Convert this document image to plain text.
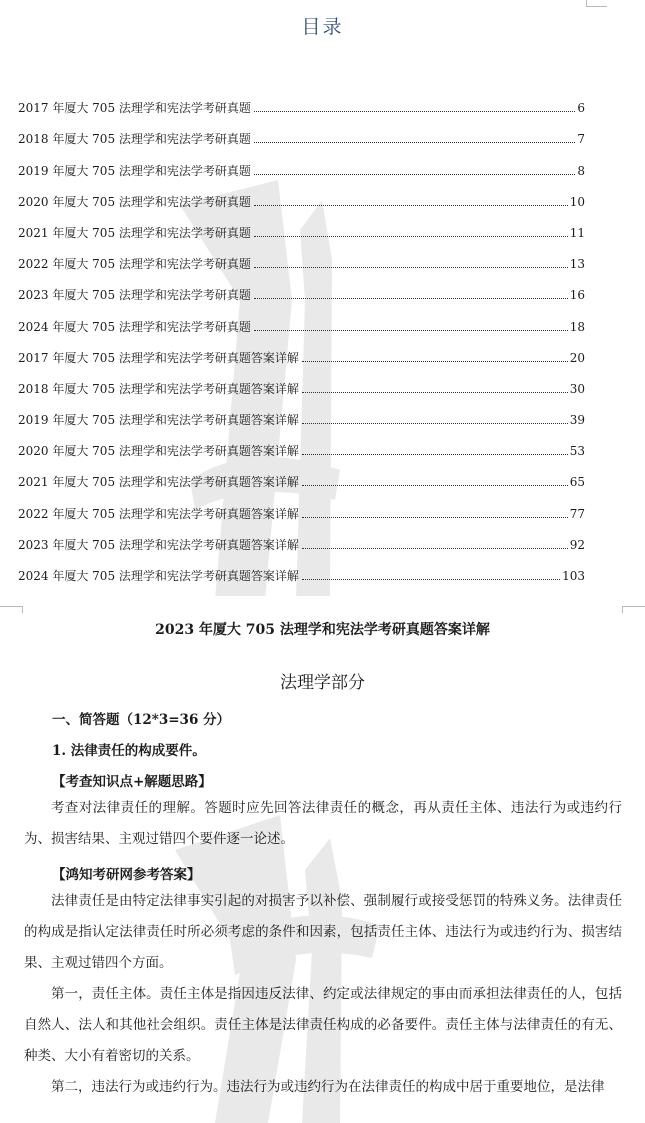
目录
2017 年厦大 705 法理学和宪法学考研真题	6
2018 年厦大 705 法理学和宪法学考研真题	7
2019 年厦大 705 法理学和宪法学考研真题	8
2020 年厦大 705 法理学和宪法学考研真题	10
2021 年厦大 705 法理学和宪法学考研真题	11
2022 年厦大 705 法理学和宪法学考研真题	13
2023 年厦大 705 法理学和宪法学考研真题	16
2024 年厦大 705 法理学和宪法学考研真题	18
2017 年厦大 705 法理学和宪法学考研真题答案详解	20
2018 年厦大 705 法理学和宪法学考研真题答案详解	30
2019 年厦大 705 法理学和宪法学考研真题答案详解	39
2020 年厦大 705 法理学和宪法学考研真题答案详解	53
2021 年厦大 705 法理学和宪法学考研真题答案详解	65
2022 年厦大 705 法理学和宪法学考研真题答案详解	77
2023 年厦大 705 法理学和宪法学考研真题答案详解	92
2024 年厦大 705 法理学和宪法学考研真题答案详解	103
2023 年厦大 705 法理学和宪法学考研真题答案详解
法理学部分
一、简答题（12*3=36 分）
1. 法律责任的构成要件。
【考查知识点+解题思路】
考查对法律责任的理解。答题时应先回答法律责任的概念，再从责任主体、违法行为或违约行为、损害结果、主观过错四个要件逐一论述。
【鸿知考研网参考答案】
法律责任是由特定法律事实引起的对损害予以补偿、强制履行或接受惩罚的特殊义务。法律责任的构成是指认定法律责任时所必须考虑的条件和因素，包括责任主体、违法行为或违约行为、损害结果、主观过错四个方面。
第一，责任主体。责任主体是指因违反法律、约定或法律规定的事由而承担法律责任的人，包括自然人、法人和其他社会组织。责任主体是法律责任构成的必备要件。责任主体与法律责任的有无、种类、大小有着密切的关系。
第二，违法行为或违约行为。违法行为或违约行为在法律责任的构成中居于重要地位，是法律
